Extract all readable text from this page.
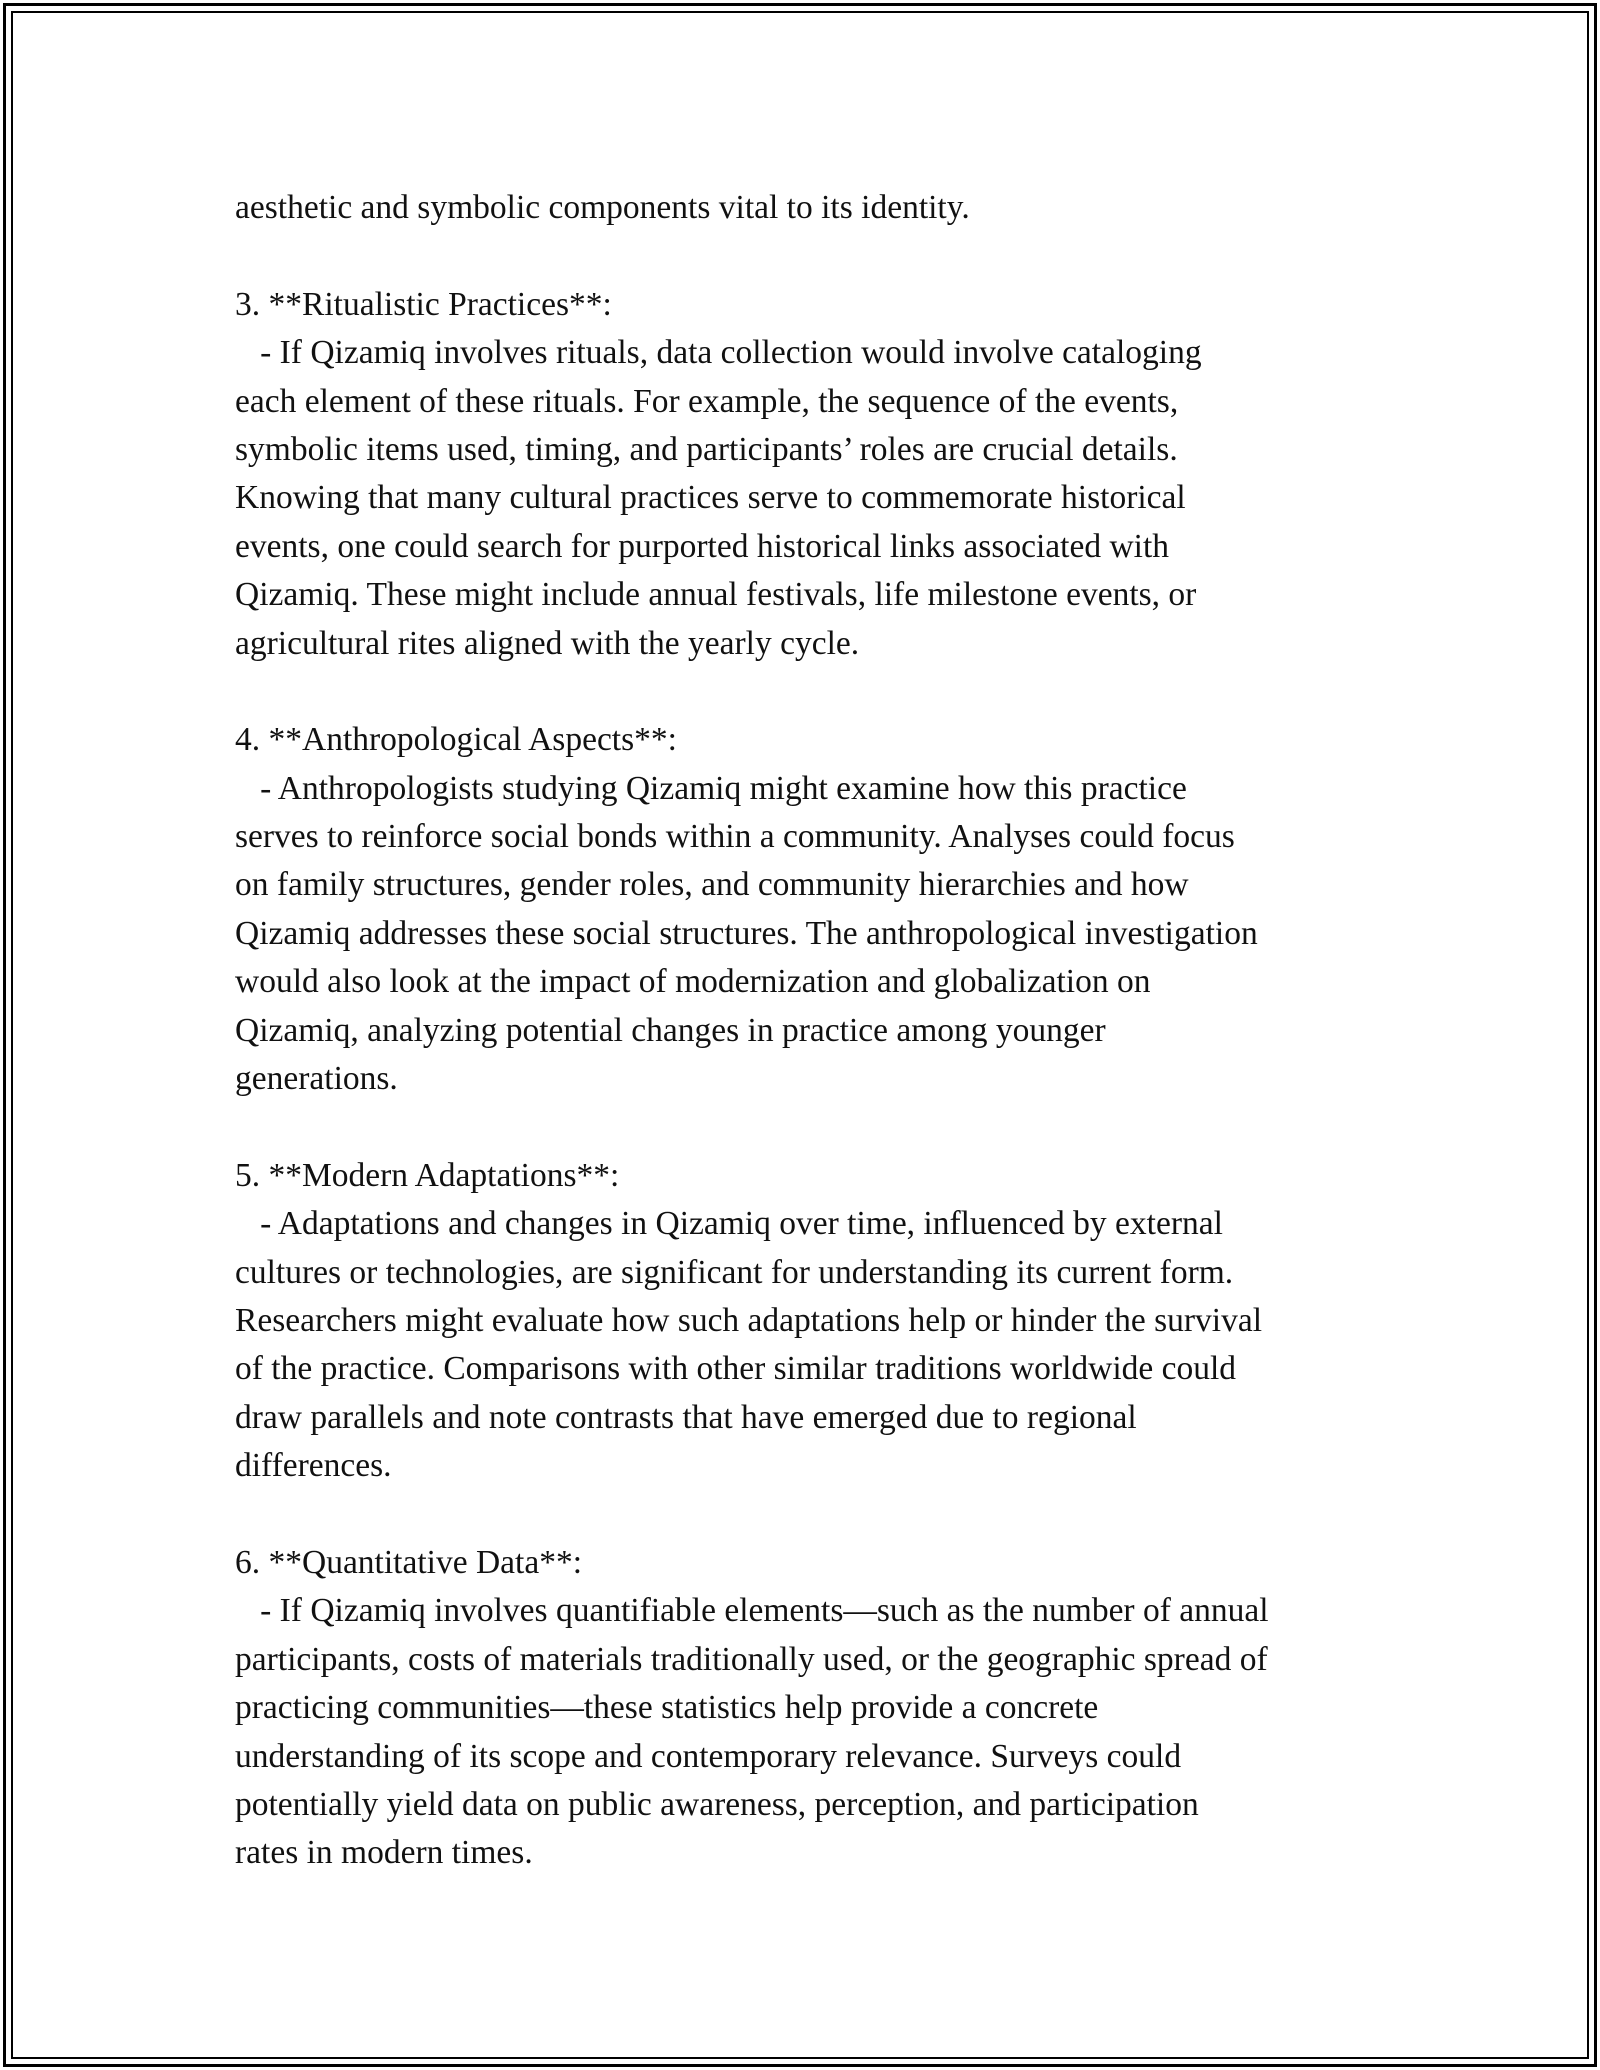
aesthetic and symbolic components vital to its identity.
3. **Ritualistic Practices**:
- If Qizamiq involves rituals, data collection would involve cataloging
each element of these rituals. For example, the sequence of the events,
symbolic items used, timing, and participants’ roles are crucial details.
Knowing that many cultural practices serve to commemorate historical
events, one could search for purported historical links associated with
Qizamiq. These might include annual festivals, life milestone events, or
agricultural rites aligned with the yearly cycle.
4. **Anthropological Aspects**:
- Anthropologists studying Qizamiq might examine how this practice
serves to reinforce social bonds within a community. Analyses could focus
on family structures, gender roles, and community hierarchies and how
Qizamiq addresses these social structures. The anthropological investigation
would also look at the impact of modernization and globalization on
Qizamiq, analyzing potential changes in practice among younger
generations.
5. **Modern Adaptations**:
- Adaptations and changes in Qizamiq over time, influenced by external
cultures or technologies, are significant for understanding its current form.
Researchers might evaluate how such adaptations help or hinder the survival
of the practice. Comparisons with other similar traditions worldwide could
draw parallels and note contrasts that have emerged due to regional
differences.
6. **Quantitative Data**:
- If Qizamiq involves quantifiable elements—such as the number of annual
participants, costs of materials traditionally used, or the geographic spread of
practicing communities—these statistics help provide a concrete
understanding of its scope and contemporary relevance. Surveys could
potentially yield data on public awareness, perception, and participation
rates in modern times.
